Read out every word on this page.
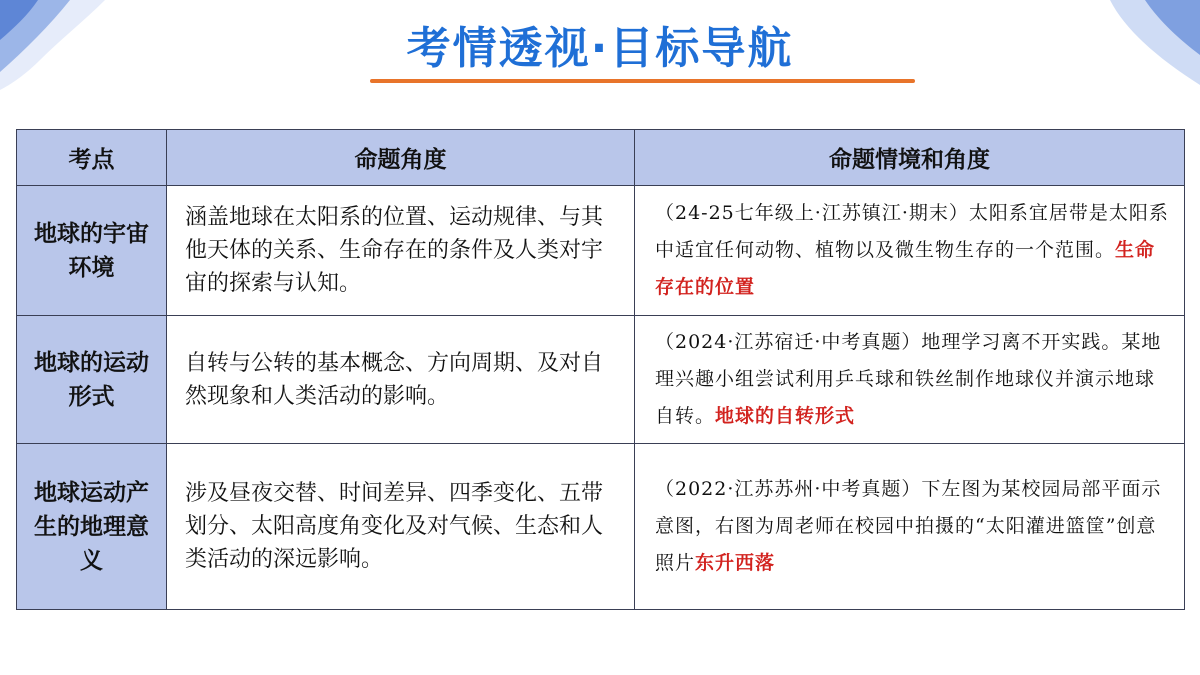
考情透视·目标导航
考点	命题角度	命题情境和角度
地球的宇宙环境	涵盖地球在太阳系的位置、运动规律、与其他天体的关系、生命存在的条件及人类对宇宙的探索与认知。	（24-25七年级上·江苏镇江·期末）太阳系宜居带是太阳系中适宜任何动物、植物以及微生物生存的一个范围。生命存在的位置
地球的运动形式	自转与公转的基本概念、方向周期、及对自然现象和人类活动的影响。	（2024·江苏宿迁·中考真题）地理学习离不开实践。某地理兴趣小组尝试利用乒乓球和铁丝制作地球仪并演示地球自转。地球的自转形式
地球运动产生的地理意义	涉及昼夜交替、时间差异、四季变化、五带划分、太阳高度角变化及对气候、生态和人类活动的深远影响。	（2022·江苏苏州·中考真题）下左图为某校园局部平面示意图，右图为周老师在校园中拍摄的“太阳灌进篮筐”创意照片东升西落
